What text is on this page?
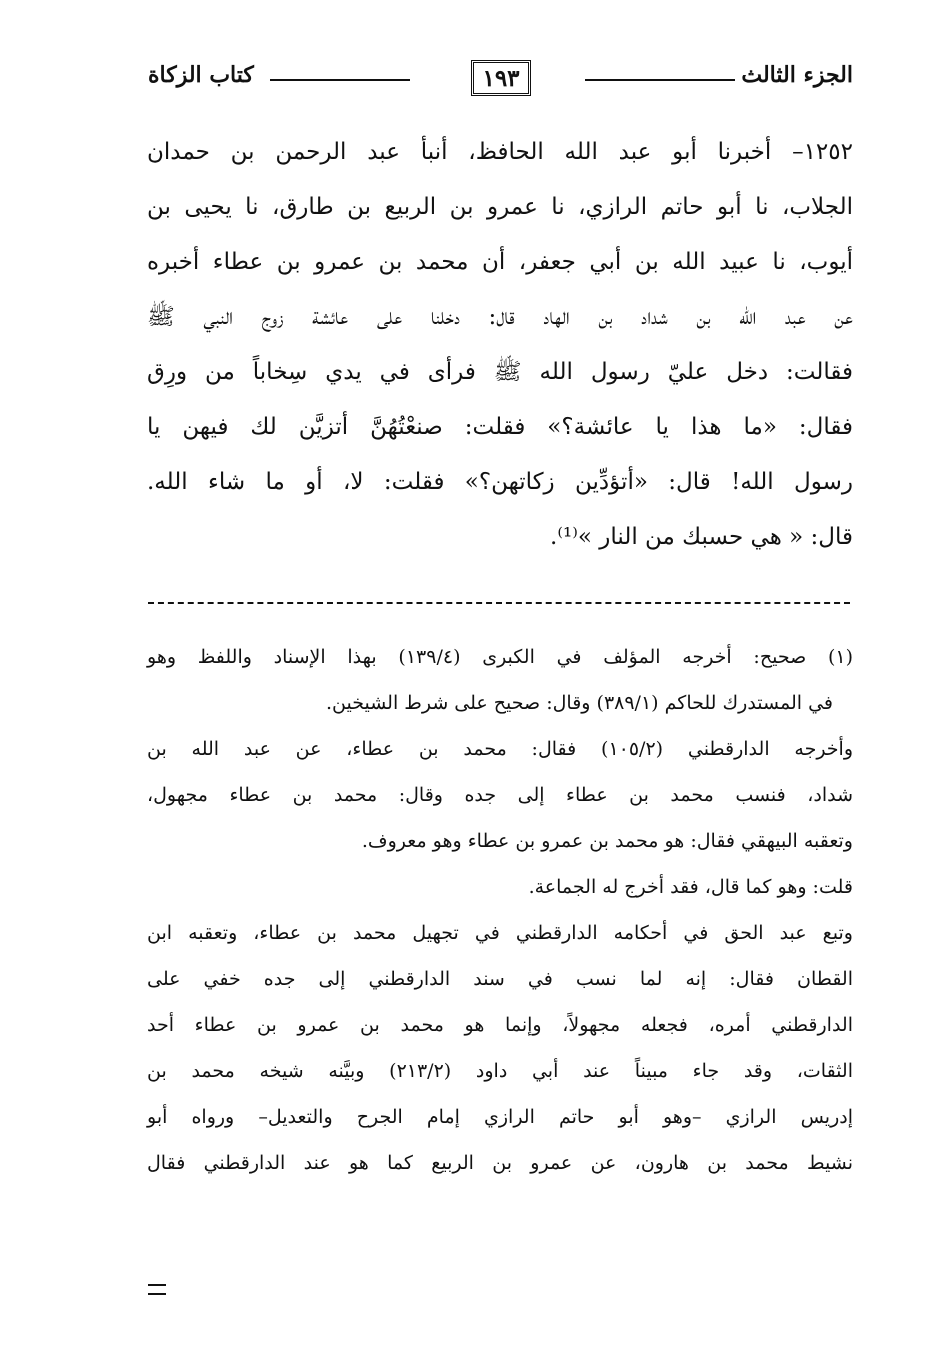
الجزء الثالث
١٩٣
كتاب الزكاة

١٢٥٢– أخبرنا أبو عبد الله الحافظ، أنبأ عبد الرحمن بن حمدان

الجلاب، نا أبو حاتم الرازي، نا عمرو بن الربيع بن طارق، نا يحيى بن

أيوب، نا عبيد الله بن أبي جعفر، أن محمد بن عمرو بن عطاء أخبره

عن عبد الله بن شداد بن الهاد قال: دخلنا على عائشة زوج النبي ﷺ

فقالت: دخل عليّ رسول الله ﷺ فرأى في يدي سِخاباً من ورِق

فقال: «ما هذا يا عائشة؟» فقلت: صنعْتُهُنَّ أتزيَّن لك فيهن يا

رسول الله! قال: «أتؤدِّين زكاتهن؟» فقلت: لا، أو ما شاء الله.

قال: « هي حسبك من النار »⁽¹⁾.

(١) صحيح: أخرجه المؤلف في الكبرى (١٣٩/٤) بهذا الإسناد واللفظ وهو

في المستدرك للحاكم (٣٨٩/١) وقال: صحيح على شرط الشيخين.

وأخرجه الدارقطني (١٠٥/٢) فقال: محمد بن عطاء، عن عبد الله بن

شداد، فنسب محمد بن عطاء إلى جده وقال: محمد بن عطاء مجهول،

وتعقبه البيهقي فقال: هو محمد بن عمرو بن عطاء وهو معروف.

قلت: وهو كما قال، فقد أخرج له الجماعة.

وتبع عبد الحق في أحكامه الدارقطني في تجهيل محمد بن عطاء، وتعقبه ابن

القطان فقال: إنه لما نسب في سند الدارقطني إلى جده خفي على

الدارقطني أمره، فجعله مجهولاً، وإنما هو محمد بن عمرو بن عطاء أحد

الثقات، وقد جاء مبيناً عند أبي داود (٢١٣/٢) وبيَّنه شيخه محمد بن

إدريس الرازي –وهو أبو حاتم الرازي إمام الجرح والتعديل– ورواه أبو

نشيط محمد بن هارون، عن عمرو بن الربيع كما هو عند الدارقطني فقال
